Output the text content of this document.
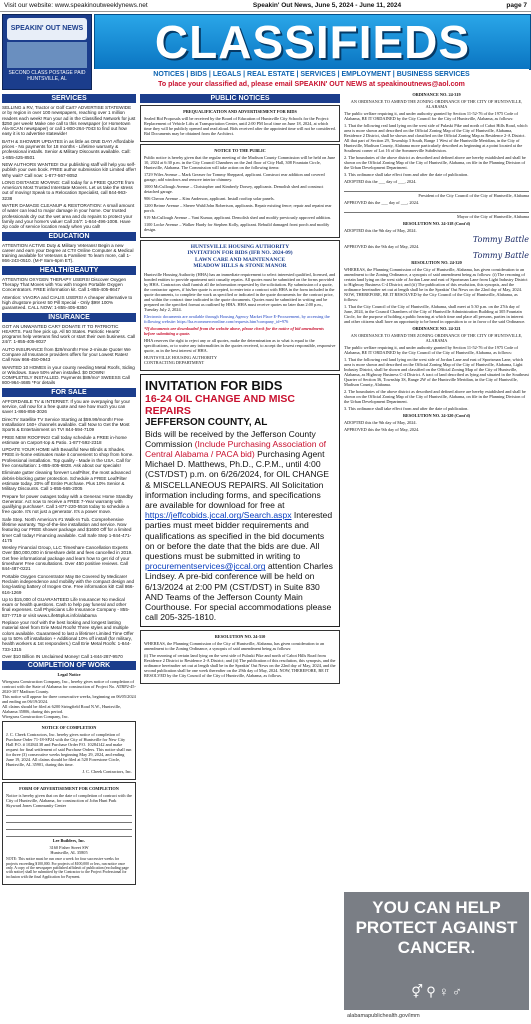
Visit our website: www.speakinoutweeklynews.net	Speakin' Out News, June 5, 2024 - June 11, 2024	page 7
SPEAKIN' OUT NEWS
SECOND CLASS POSTAGE PAID HUNTSVILLE, AL
CLASSIFIEDS
NOTICES | BIDS | LEGALS | REAL ESTATE | SERVICES | EMPLOYMENT | BUSINESS SERVICES
To place your classified ad, please email SPEAKIN' OUT NEWS at speakinoutnews@aol.com
SERVICES

SELLING a RV, Tractor or Golf Cart? ADVERTISE STATEWIDE or by region in over 100 newspapers, reaching over 1 million readers each week! Run your ad in the Classified Network for just $250 per week! Make one call to this newspaper (or Hometown Ala-SCAN newspaper) or call 1-800-264-7043 to find out how easy it is to advertise statewide!

BATH & SHOWER UPDATES in as little as ONE DAY! Affordable prices - No payments for 18 months - Lifetime warranty & professional installs. Senior & Military Discounts available. Call: 1-855-425-8501

NEW AUTHORS WANTED! Our publishing staff will help you self-publish your own book. FREE author submission kit! Limited offer! Why wait? Call now: 1-877-567-8052

LONG DISTANCE MOVING: Call today for a FREE QUOTE from America's Most Trusted Interstate Movers. Let us take the stress out of moving! Speak to a Relocation Specialist, call 844-963-3238

WATER DAMAGE CLEANUP & RESTORATION: A small amount of water can lead to major damage in your home. Our trusted professionals dry out the wet area and do repairs to protect your family and your home's value! Call 24/7: 1-844-496-1008. Have zip code of service location ready when you call!

EDUCATION

ATTENTION ACTIVE Duty & Military Veterans! Begin a new career and earn your Degree at CTI! Online Computer & Medical training available for Veterans & Families! To learn more, call 1-866-243-0510. (M-F 8am-6pm ET).

HEALTH/BEAUTY

ATTENTION OXYGEN THERAPY USERS! Discover Oxygen Therapy That Moves with You with Inogen Portable Oxygen Concentrators. FREE information kit. Call 1-855-405-8647

Attention: VIAGRA and CIALIS USERS! A cheaper alternative to high drugstore prices! 50 Pill Special - Only $99! 100% guaranteed. CALL NOW: 1-855-405-8350

INSURANCE

GOT AN UNWANTED CAR? DONATE IT TO PATRIOTIC HEARTS. Fast free pick up. All 50 States. Patriotic Hearts' programs help veterans find work or start their own business. Call 24/7: 1-855-405-8027

AUTO INSURANCE from $29/month! Free 2-minute Quote! We Compare all Insurance providers offers for you! Lowest Rates! Call Now 866-450-0943

WANTED 10 HOMES in your county needing Metal Roofs, Siding or Windows. Save 50% when installed. $0 DOWN! COMPLETELY INSTALLED. Payments $89/mo* SWEESS Call 800-964-4685 *For details

FOR SALE

AFFORDABLE TV & INTERNET. If you are overpaying for your service, call now for a free quote and see how much you can save! 1-866-856-3026

DirecTV Satellite TV Service Starting at $59.99/month! Free Installation! 160+ channels available. Call Now to Get the Most Sports & Entertainment on TV! 844-594-7109

FREE NEW ROOFING! Call today schedule a FREE in-home estimate on Carport-top & Patio. 1-877-592-2318

UPDATE YOUR HOME with Beautiful New Blinds & Shades. FREE in-home estimates make it convenient to shop from home. Professional installation. Top quality - Made in the USA. Call for free consultation: 1-855-405-6828. Ask about our specials!

Eliminate gutter cleaning forever! LeafFilter, the most advanced debris-blocking gutter protection. Schedule a FREE LeafFilter estimate today. 20% off Entire Purchase. Plus 10% Senior & Military Discounts. Call 1-855-565-2005

Prepare for power outages today with a Generac Home Standby Generator. Act now to receive a FREE 7-Year warranty with qualifying purchase*. Call 1-877-220-5516 today to schedule a free quote. It's not just a generator. It's a power move.

Safe Step. North America's #1 Walk-In Tub. Comprehensive lifetime warranty. Top-of-the-line installation and service. Now featuring our FREE shower package and $1600 Off for a limited time! Call today! Financing available. Call Safe Step 1-844-471-4175

Wesley Financial Group, LLC Timeshare Cancellation Experts Over $50,000,000 in timeshare debt and fees cancelled in 2019. Get free informational package and learn how to get rid of your timeshare! Free consultations. Over 450 positive reviews. Call 844-487-0221

Portable Oxygen Concentrator May Be Covered by Medicare! Reclaim independence and mobility with the compact design and long-lasting battery of Inogen One. Free information kit! Call 866-616-1269

Up to $15,000 of GUARANTEED Life Insurance! No medical exam or health questions. Cash to help pay funeral and other final expenses. Call Physicians Life Insurance Company - 855-837-7719 or visit www.Life55plus.info/alabama

Replace your roof with the best looking and longest lasting material steel from Erie Metal Roofs! Three styles and multiple colors available. Guaranteed to last a lifetime! Limited Time Offer up to 50% off installation + Additional 10% off install (for military, health workers & 1st responders.) Call Erie Metal Roofs: 1-844-733-1315

Over $10 Billion IN Unclaimed Money! Call 1-844-287-9570

COMPLETION OF WORK

Legal Notice

Wiregrass Construction Company, Inc., hereby gives notice of completion of contract with the State of Alabama for construction of Project No. ATRP2-45-2020-107 Madison County.
This notice will appear for three consecutive weeks, beginning on 06/05/2024 and ending on 06/19/2024.
All claims should be filed at 6200 Stringfield Road N.W., Huntsville, Alabama 35806, during this period.
Wiregrass Construction Company, Inc.

NOTICE OF COMPLETION

J. C. Cheek Contractors, Inc. hereby gives notice of completion of Purchase Order 71-18-SP24 with the City of Huntsville for New City Hall P.O. # 10284138 and Purchase Order P.O. 10284142 and make request for final settlement of said Purchase Orders. This notice shall run for three (3) consecutive weeks beginning May 29, 2024, and ending June 19, 2024. All claims should be filed at 520 Forrestone Circle, Huntsville, AL 35901, during this time.

J. C. Cheek Contractors, Inc.

FORM OF ADVERTISEMENT FOR COMPLETION

Notice is hereby given that on the date of completion of contract with the City of Huntsville, Alabama, for construction of John Hunt Park Skyward Jones Community Center

Lee Builders, Inc.

3160 Fisher Street SW
Huntsville, AL 35805

NOTE: This notice must be run once a week for four successive weeks for projects exceeding $100,000. For projects of $100,000 or less, run notice once only. A copy of the newspaper published affidavit of publication (excluding page with notice) shall be submitted by the Contractor to the Project Professional for inclusion with the final Application for Payment.

PUBLIC NOTICES

PREQUALIFICATION AND ADVERTISEMENT FOR BIDS

Sealed Bid Proposals will be received by the Board of Education of Huntsville City Schools for the Project: Replacement of Vehicle Lifts at Transportation Center, until 2:00 PM local time on June 18, 2024, at which time they will be publicly opened and read aloud. Bids received after the appointed time will not be considered. Bid Documents may be obtained from the Architect.

NOTICE TO THE PUBLIC

Public notice is hereby given that the regular meeting of the Madison County Commission will be held on June 10, 2024 at 6:30 p.m. in the City Council Chambers on the 2nd floor of City Hall, 308 Fountain Circle, Huntsville, Alabama. The Commission will take action on the following items:

1729 Wiles Avenue – Mark Greaser for Tommy Sheppard, applicant. Construct rear addition and covered garage; add windows and remove interior chimney.

1000 McCullough Avenue – Christopher and Kimberly Dorsey, applicants. Demolish shed and construct detached garage.

906 Cheron Avenue – Kim Anderson, applicant. Install rooftop solar panels.

1200 Beirne Avenue – Sheree Wahl/John Robertson, applicants. Repair existing fence; repair and repaint rear porch.

919 McCullough Avenue – Vani Kumar, applicant. Demolish shed and modify previously approved addition.

1100 Locke Avenue – Walker Hardy for Stephen Kolly, applicant. Rebuild damaged front porch and modify design.

HUNTSVILLE HOUSING AUTHORITY
INVITATION FOR BIDS (IFB NO. 2024-09)
LAWN CARE AND MAINTENANCE
MEADOW HILLS & STONE MANOR

Huntsville Housing Authority (HHA) has an immediate requirement to select interested qualified, licensed, and bonded entities to provide apartment unit casualty repairs. All quotes must be submitted on the forms provided by HHA. Contractors shall furnish all the information requested by the solicitation. By submission of a quote, the contractor agrees, if his/her quote is accepted, to enter into a contract with HHA in the form included in the quote documents, to complete the work as specified or indicated in the quote documents for the contract price, and within the contract time indicated in the quote documents. Quotes must be submitted in writing and be prepared on the specified format as outlined by HHA. HHA must receive quotes no later than 2:00 p.m., Tuesday July 2, 2024.

Electronic documents are available through Housing Agency Market Place E-Procurement, by accessing the following website: https://ha.ecommerceonline.com/requests.htm?company_id=976

*If documents are downloaded from the website above, please check for the notice of bid amendments before submitting a quote.

HHA reserves the right to reject any or all quotes, make the determination as to what is equal to the specifications, or to waive any informalities in the quotes received, to accept the lowest responsible, responsive quote, as in the best interest of HHA.

HUNTSVILLE HOUSING AUTHORITY
CONTRACTING DEPARTMENT

INVITATION FOR BIDS
16-24 OIL CHANGE AND MISC REPAIRS
JEFFERSON COUNTY, AL
Bids will be received by the Jefferson County Commission (Include Purchasing Association of Central Alabama / PACA bid) Purchasing Agent Michael D. Matthews, Ph.D., C.P.M., until 4:00 (CST/DST) p.m. on 6/26/2024, for OIL CHANGE & MISCELLANEOUS REPAIRS. All Solicitation information including forms, and specifications are available for download for free at https://jeffcobids.jccal.org/Search.aspx Interested parties must meet bidder requirements and qualifications as specified in the bid documents on or before the date that the bids are due. All questions must be submitted in writing to procurementservices@jccal.org attention Charles Lindsey. A pre-bid conference will be held on 6/13/2024 at 2:00 PM (CST/DST) in Suite 830 AND Teams of the Jefferson County Main Courthouse. For special accommodations please call 205-325-1810.

RESOLUTION NO. 24-310

WHEREAS, the Planning Commission of the City of Huntsville, Alabama, has given consideration to an amendment to the Zoning Ordinance, a synopsis of said amendment being as follows:

(i) The rezoning of certain land lying on the west side of Pulaski Pike and north of Cabot Hills Road from Residence 2 District to Residence 2-A District; and (ii) The publication of this resolution, this synopsis, and the ordinance hereinafter set out at length shall be in the Speakin' Out News on the 22nd day of May, 2024, and the second publication shall be one week thereafter on the 29th day of May, 2024. NOW, THEREFORE, BE IT RESOLVED by the City Council of the City of Huntsville, Alabama, as follows.

ORDINANCE NO. 24-319

AN ORDINANCE TO AMEND THE ZONING ORDINANCE OF THE CITY OF HUNTSVILLE, ALABAMA

The public welfare requiring it, and under authority granted by Section 11-52-76 of the 1975 Code of Alabama, BE IT ORDAINED by the City Council for the City of Huntsville, Alabama, as follows:

1. That the following real land lying on the west side of Pulaski Pike and north of Cabot Hills Road, which area is more shown and described on the Official Zoning Map of the City of Huntsville, Alabama, Residence 2 District, shall be shown and classified on the Official Zoning Map as Residence 2-A District. All that part of Section 29, Township 3 South, Range 1 West of the Huntsville Meridian, in the City of Huntsville, Madison County, Alabama more particularly described as beginning at a point located at the Southeast corner of Lot 16 of the Sommerville Subdivision.

2. The boundaries of the above district as described and defined above are hereby established and shall be shown on the Official Zoning Map of the City of Huntsville, Alabama, on file in the Planning Division of the Urban Development Department.

3. This ordinance shall take effect from and after the date of publication.

ADOPTED this the ___ day of ___, 2024.

President of the City Council of the City of Huntsville, Alabama

APPROVED this the ___ day of ___, 2024.

Mayor of the City of Huntsville, Alabama

RESOLUTION NO. 24-318 (Cont'd)

ADOPTED this the 9th day of May, 2024.

Tommy Battle

APPROVED this the 9th day of May, 2024.

Tommy Battle

RESOLUTION NO. 24-320

WHEREAS, the Planning Commission of the City of Huntsville, Alabama, has given consideration to an amendment to the Zoning Ordinance, a synopsis of said amendment being as follows: (i) The rezoning of certain land lying on the west side of Jordan Lane and east of Sportsman Lane from Light Industry District to Highway Business C-4 District; and (ii) The publication of this resolution, this synopsis, and the ordinance hereinafter set out at length shall be in the Speakin' Out News on the 22nd day of May, 2024. NOW, THEREFORE, BE IT RESOLVED by the City Council of the City of Huntsville, Alabama, as follows:

1. That the City Council of the City of Huntsville, Alabama, shall meet at 5:30 p.m. on the 27th day of June, 2024, in the Council Chambers of the City of Huntsville Administration Building at 305 Fountain Circle, for the purpose of holding a public hearing at which time and place all persons, parties in interest and other citizens shall have an opportunity to be heard in opposition to or in favor of the said Ordinance.

ORDINANCE NO. 24-321

AN ORDINANCE TO AMEND THE ZONING ORDINANCE OF THE CITY OF HUNTSVILLE, ALABAMA

The public welfare requiring it, and under authority granted by Section 11-52-76 of the 1975 Code of Alabama, BE IT ORDAINED by the City Council of the City of Huntsville, Alabama, as follows:

1. That the following real land lying on the west side of Jordan Lane and east of Sportsman Lane, which area is more shown and described on the Official Zoning Map of the City of Huntsville, Alabama, Light Industry District, shall be shown and classified on the Official Zoning Map of the City of Huntsville, Alabama, as Highway Business C-4 District. A tract of land described as lying and situated in the Southeast Quarter of Section 36, Township 3S, Range 2W of the Huntsville Meridian, in the City of Huntsville, Madison County, Alabama.

2. The boundaries of the above district as described and defined above are hereby established and shall be shown on the Official Zoning Map of the City of Huntsville, Alabama, on file in the Planning Division of the Urban Development Department.

3. This ordinance shall take effect from and after the date of publication.

RESOLUTION NO. 24-320 (Cont'd)

ADOPTED this the 9th day of May, 2024.

APPROVED this the 9th day of May, 2024.

YOU CAN HELP PROTECT AGAINST CANCER.
⚥ ⚲ ♀ ♂
alabamapublichealth.gov/imm
